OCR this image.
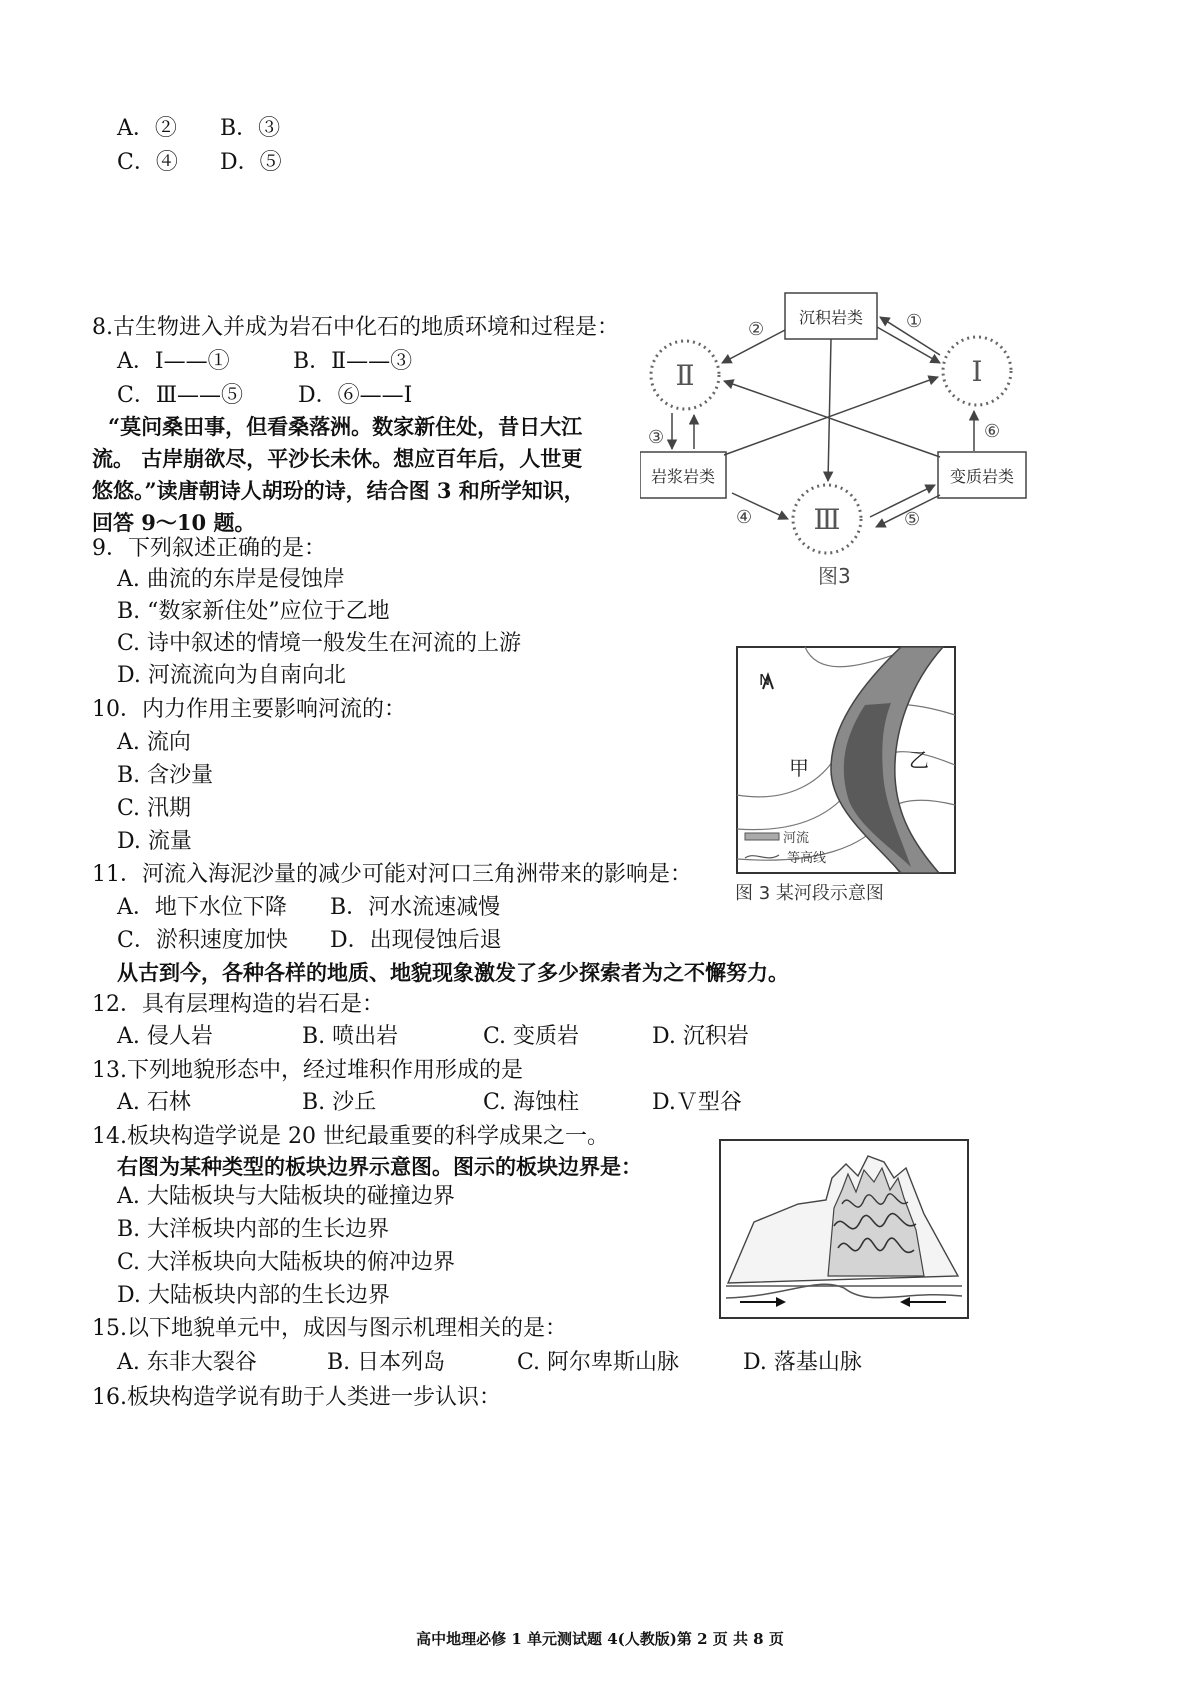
A．② B．③
C．④ D．⑤
8.古生物进入并成为岩石中化石的地质环境和过程是：
A．Ⅰ——①	B．Ⅱ——③
C．Ⅲ——⑤ D．⑥——Ⅰ
“莫问桑田事，但看桑落洲。数家新住处，昔日大江
流。 古岸崩欲尽，平沙长未休。想应百年后，人世更
悠悠。”读唐朝诗人胡玢的诗，结合图 3 和所学知识，
回答 9～10 题。
9．下列叙述正确的是：
A. 曲流的东岸是侵蚀岸
B. “数家新住处”应位于乙地
C. 诗中叙述的情境一般发生在河流的上游
D. 河流流向为自南向北
10．内力作用主要影响河流的：
A. 流向
B. 含沙量
C. 汛期
D. 流量
11．河流入海泥沙量的减少可能对河口三角洲带来的影响是：
A．地下水位下降 B．河水流速减慢
C．淤积速度加快 D．出现侵蚀后退
从古到今，各种各样的地质、地貌现象激发了多少探索者为之不懈努力。
12．具有层理构造的岩石是：
A. 侵人岩	B. 喷出岩	C. 变质岩	D. 沉积岩
13.下列地貌形态中，经过堆积作用形成的是
A. 石林	B. 沙丘	C. 海蚀柱	D.Ｖ型谷
14.板块构造学说是 20 世纪最重要的科学成果之一。
右图为某种类型的板块边界示意图。图示的板块边界是：
A. 大陆板块与大陆板块的碰撞边界
B. 大洋板块内部的生长边界
C. 大洋板块向大陆板块的俯冲边界
D. 大陆板块内部的生长边界
15.以下地貌单元中，成因与图示机理相关的是：
A. 东非大裂谷	B. 日本列岛	C. 阿尔卑斯山脉	D. 落基山脉
16.板块构造学说有助于人类进一步认识：
沉积岩类
岩浆岩类	变质岩类
Ⅱ	Ⅰ
Ⅲ
②	①
③	⑥
④	⑤
图3
N
甲	乙
河流
等高线
图 3 某河段示意图
高中地理必修 1 单元测试题 4(人教版)第 2 页 共 8 页
